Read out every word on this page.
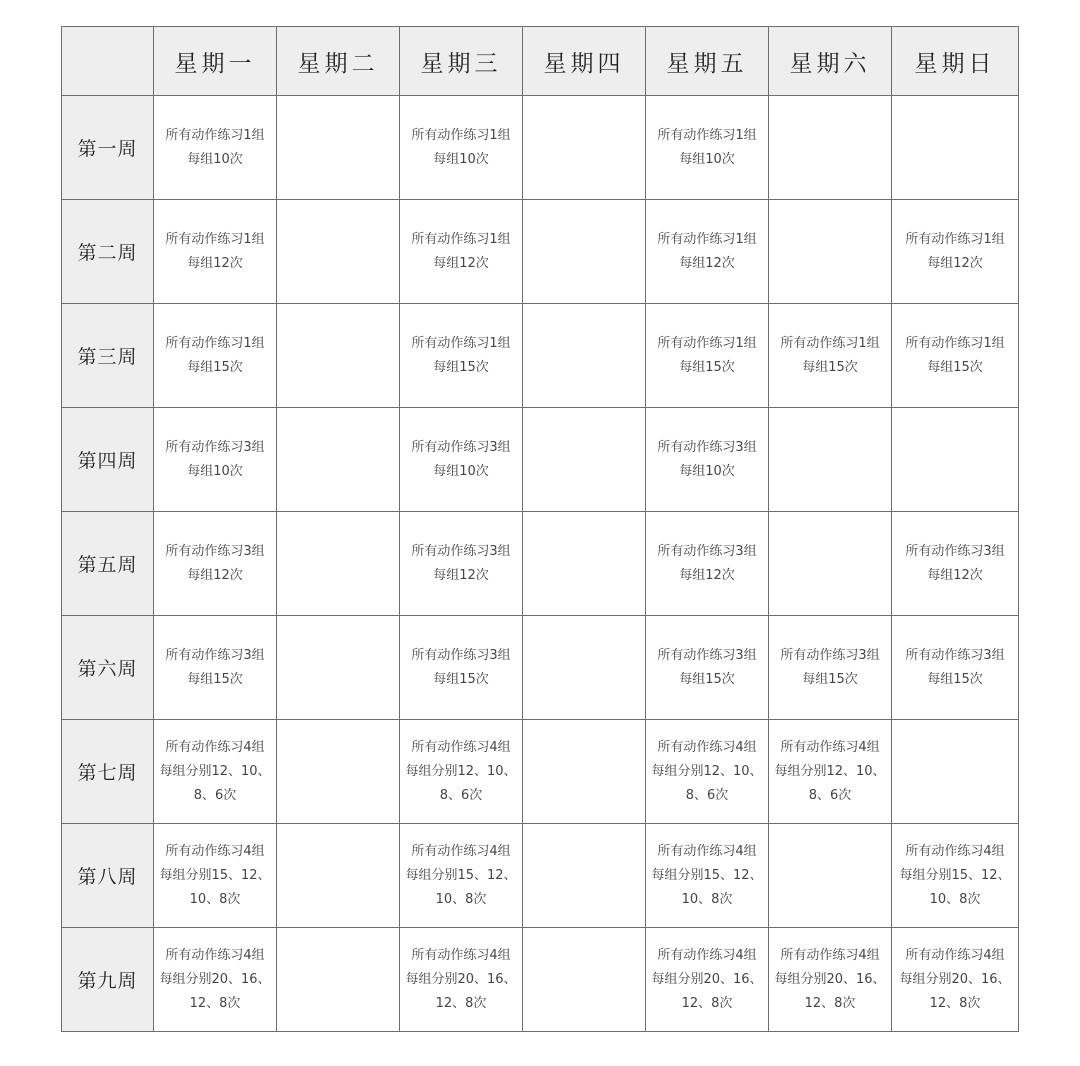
	星期一	星期二	星期三	星期四	星期五	星期六	星期日
第一周	所有动作练习1组
每组10次		所有动作练习1组
每组10次		所有动作练习1组
每组10次		
第二周	所有动作练习1组
每组12次		所有动作练习1组
每组12次		所有动作练习1组
每组12次		所有动作练习1组
每组12次
第三周	所有动作练习1组
每组15次		所有动作练习1组
每组15次		所有动作练习1组
每组15次	所有动作练习1组
每组15次	所有动作练习1组
每组15次
第四周	所有动作练习3组
每组10次		所有动作练习3组
每组10次		所有动作练习3组
每组10次		
第五周	所有动作练习3组
每组12次		所有动作练习3组
每组12次		所有动作练习3组
每组12次		所有动作练习3组
每组12次
第六周	所有动作练习3组
每组15次		所有动作练习3组
每组15次		所有动作练习3组
每组15次	所有动作练习3组
每组15次	所有动作练习3组
每组15次
第七周	所有动作练习4组
每组分别12、10、
8、6次		所有动作练习4组
每组分别12、10、
8、6次		所有动作练习4组
每组分别12、10、
8、6次	所有动作练习4组
每组分别12、10、
8、6次	
第八周	所有动作练习4组
每组分别15、12、
10、8次		所有动作练习4组
每组分别15、12、
10、8次		所有动作练习4组
每组分别15、12、
10、8次		所有动作练习4组
每组分别15、12、
10、8次
第九周	所有动作练习4组
每组分别20、16、
12、8次		所有动作练习4组
每组分别20、16、
12、8次		所有动作练习4组
每组分别20、16、
12、8次	所有动作练习4组
每组分别20、16、
12、8次	所有动作练习4组
每组分别20、16、
12、8次
